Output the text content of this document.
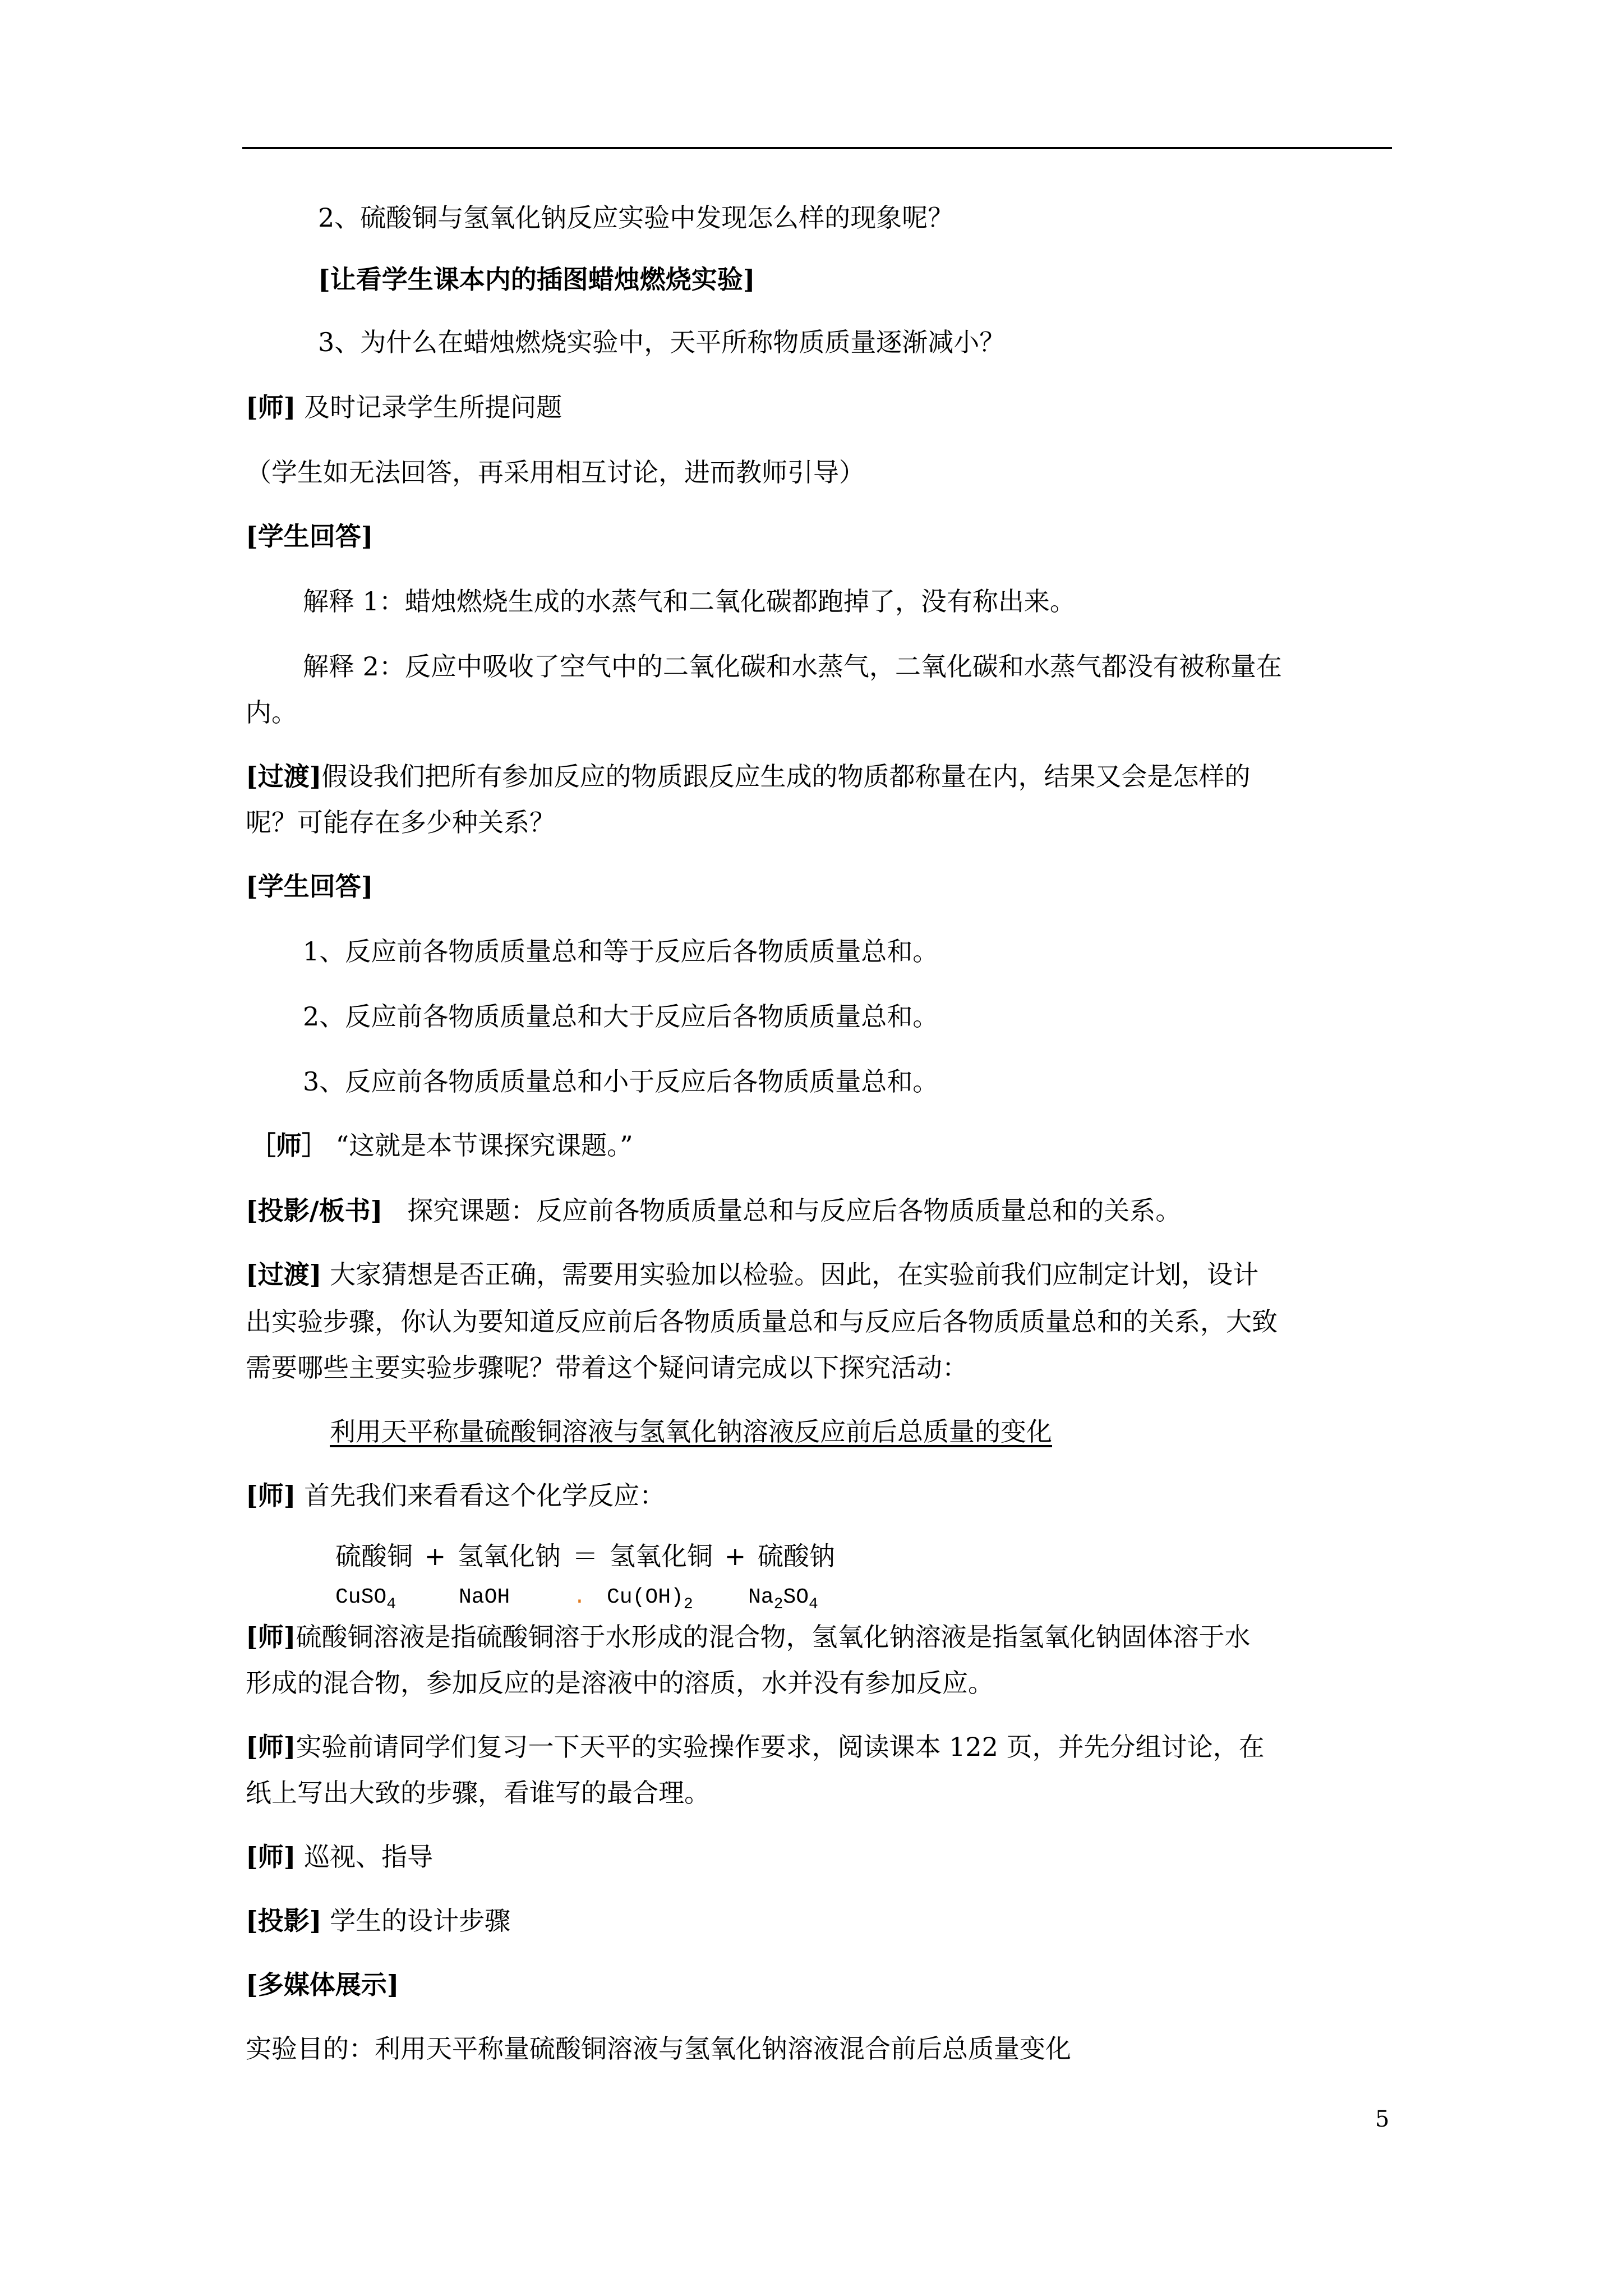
2、硫酸铜与氢氧化钠反应实验中发现怎么样的现象呢？
[让看学生课本内的插图蜡烛燃烧实验]
3、为什么在蜡烛燃烧实验中，天平所称物质质量逐渐减小？
[师] 及时记录学生所提问题
（学生如无法回答，再采用相互讨论，进而教师引导）
[学生回答]
解释 1：蜡烛燃烧生成的水蒸气和二氧化碳都跑掉了，没有称出来。
解释 2：反应中吸收了空气中的二氧化碳和水蒸气，二氧化碳和水蒸气都没有被称量在
内。
[过渡]假设我们把所有参加反应的物质跟反应生成的物质都称量在内，结果又会是怎样的
呢？可能存在多少种关系？
[学生回答]
1、反应前各物质质量总和等于反应后各物质质量总和。
2、反应前各物质质量总和大于反应后各物质质量总和。
3、反应前各物质质量总和小于反应后各物质质量总和。
［师］ “这就是本节课探究课题。”
[投影/板书] 探究课题：反应前各物质质量总和与反应后各物质质量总和的关系。
[过渡] 大家猜想是否正确，需要用实验加以检验。因此，在实验前我们应制定计划，设计
出实验步骤，你认为要知道反应前后各物质质量总和与反应后各物质质量总和的关系，大致
需要哪些主要实验步骤呢？带着这个疑问请完成以下探究活动：
利用天平称量硫酸铜溶液与氢氧化钠溶液反应前后总质量的变化
[师] 首先我们来看看这个化学反应：
硫酸铜 + 氢氧化钠 ＝ 氢氧化铜 + 硫酸钠
CuSO$_4$	NaOH	. $Cu(OH)_2$	$Na_2SO_4$
[师]硫酸铜溶液是指硫酸铜溶于水形成的混合物，氢氧化钠溶液是指氢氧化钠固体溶于水
形成的混合物，参加反应的是溶液中的溶质，水并没有参加反应。
[师]实验前请同学们复习一下天平的实验操作要求，阅读课本 122 页，并先分组讨论，在
纸上写出大致的步骤，看谁写的最合理。
[师] 巡视、指导
[投影] 学生的设计步骤
[多媒体展示]
实验目的：利用天平称量硫酸铜溶液与氢氧化钠溶液混合前后总质量变化
5
